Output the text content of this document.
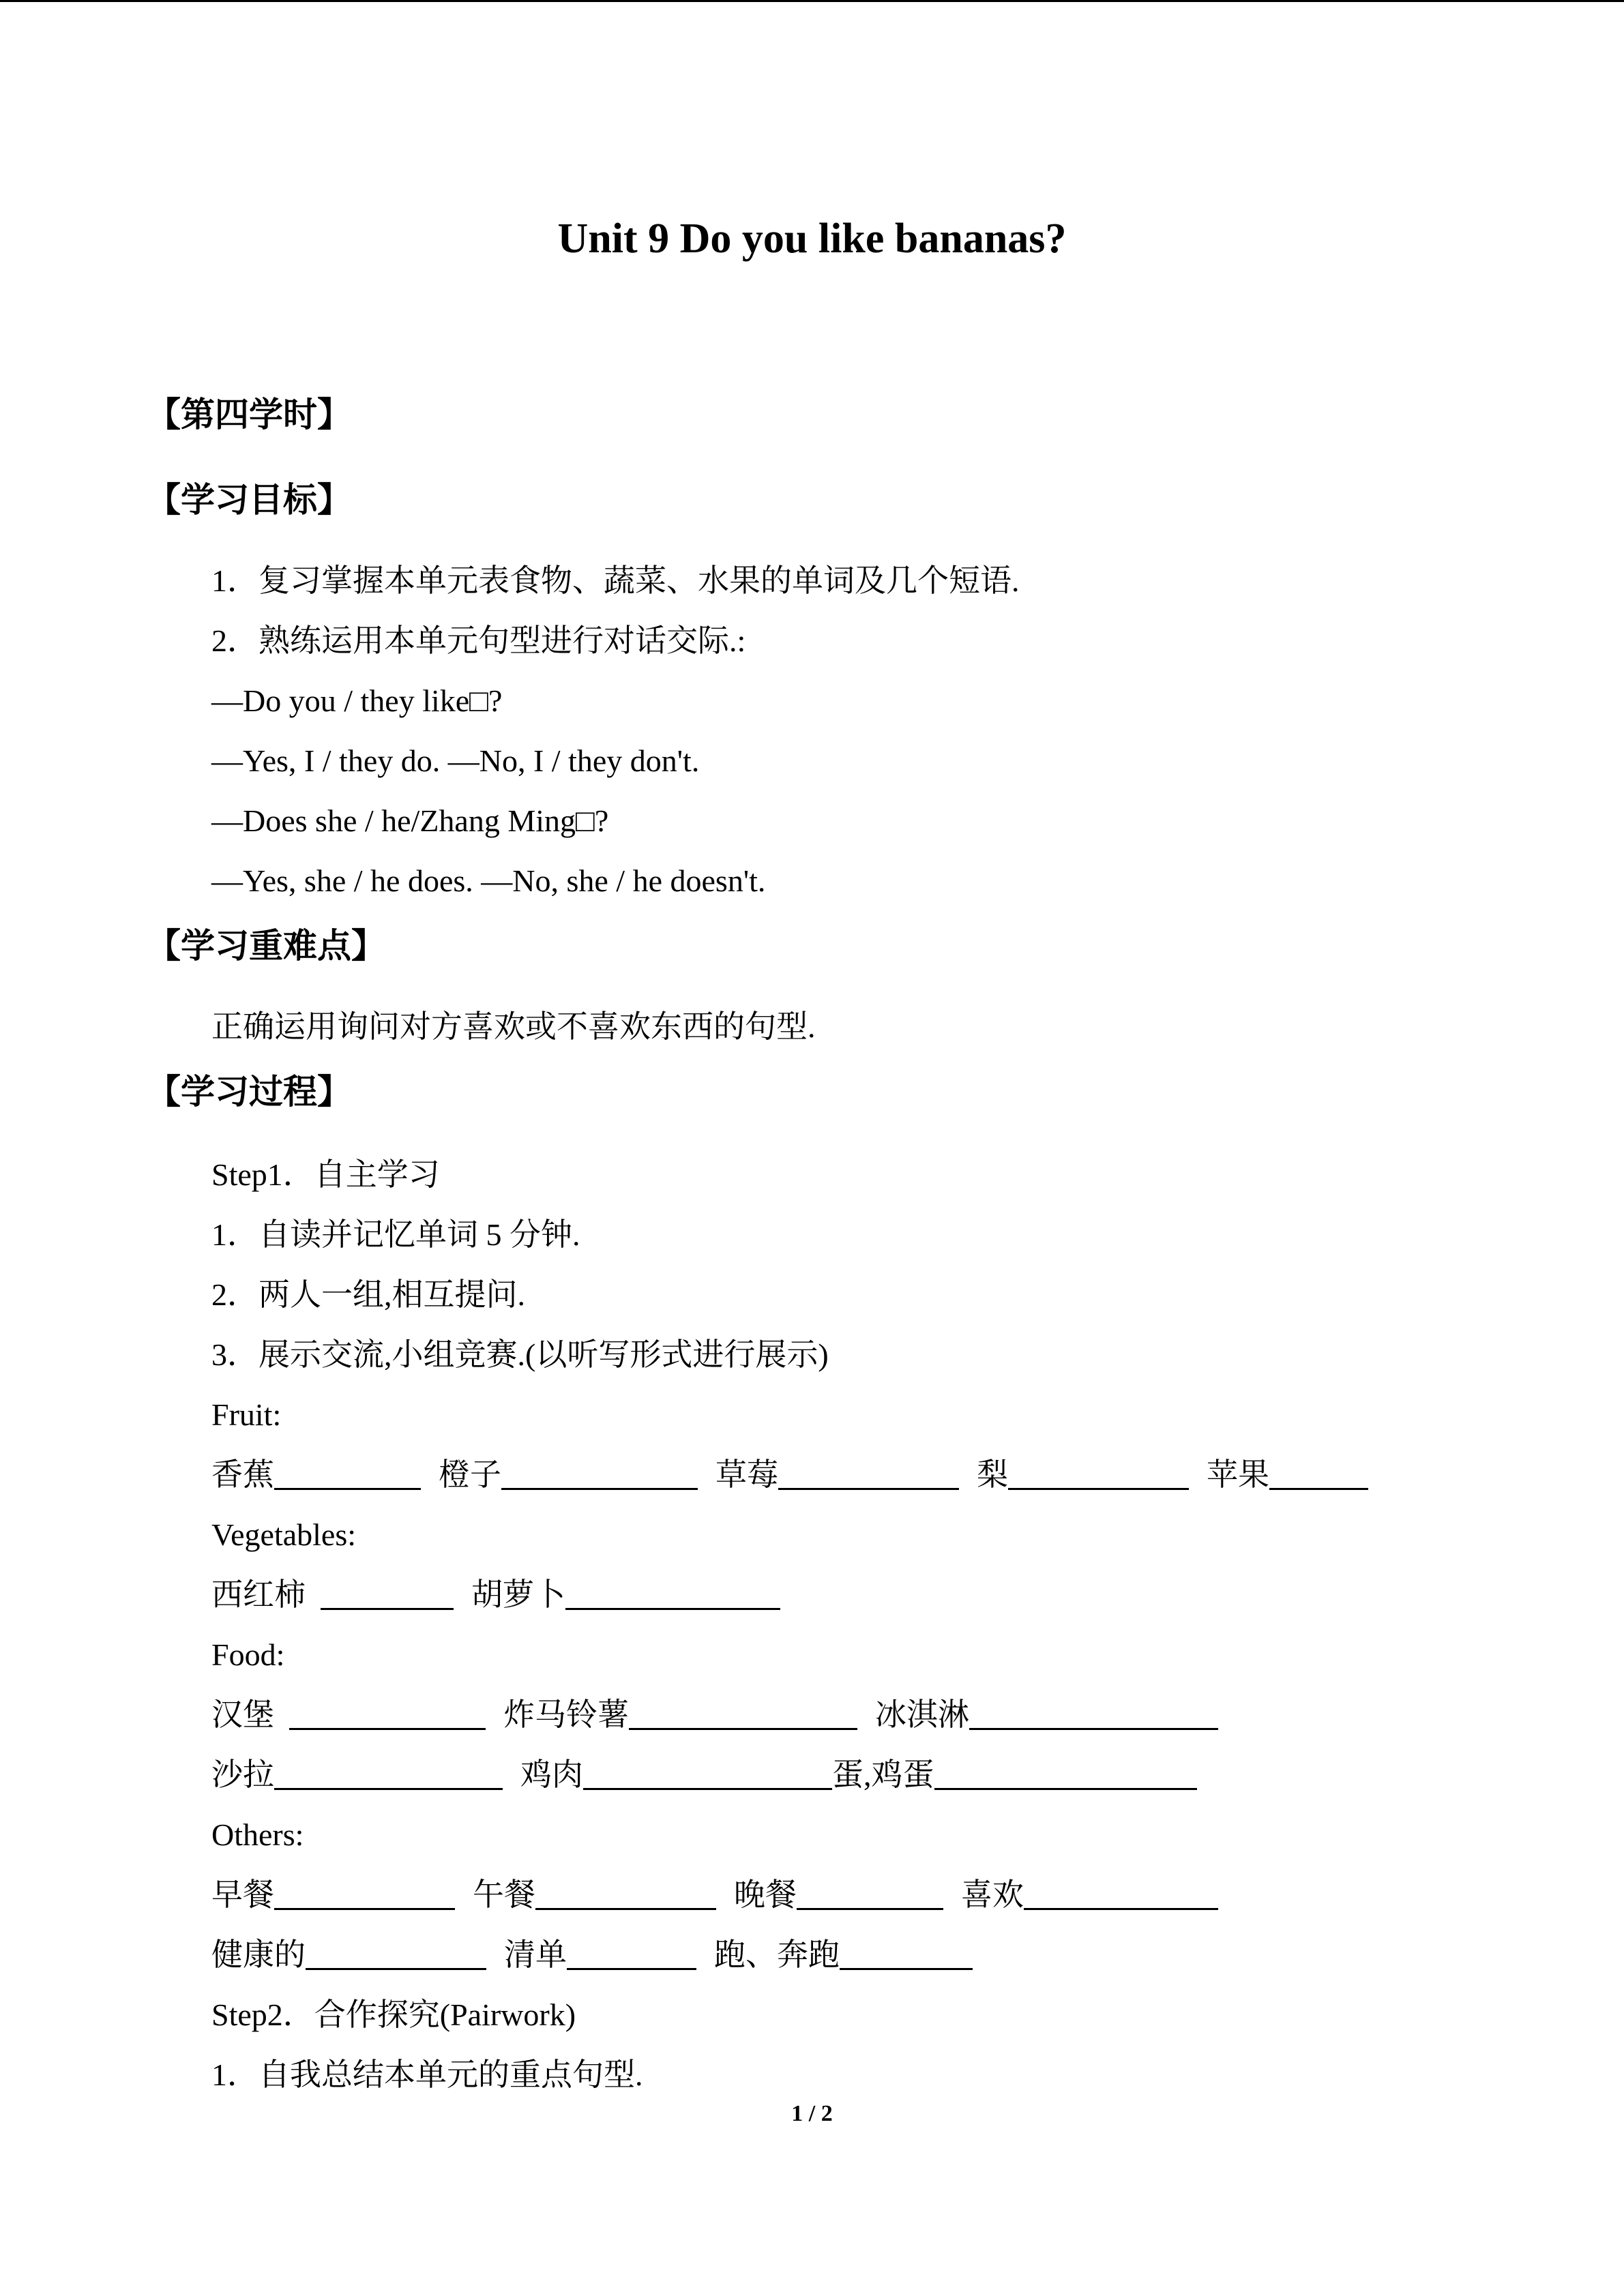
Unit 9 Do you like bananas?
【第四学时】
【学习目标】
1．复习掌握本单元表食物、蔬菜、水果的单词及几个短语.
2．熟练运用本单元句型进行对话交际.:
—Do you / they like□?
—Yes, I / they do. —No, I / they don't.
—Does she / he/Zhang Ming□?
—Yes, she / he does. —No, she / he doesn't.
【学习重难点】
正确运用询问对方喜欢或不喜欢东西的句型.
【学习过程】
Step1．自主学习
1．自读并记忆单词 5 分钟.
2．两人一组,相互提问.
3．展示交流,小组竞赛.(以听写形式进行展示)
Fruit:
香蕉	橙子	草莓	梨	苹果
Vegetables:
西红柿	胡萝卜
Food:
汉堡	炸马铃薯	冰淇淋
沙拉	鸡肉	蛋,鸡蛋
Others:
早餐	午餐	晚餐	喜欢
健康的	清单	跑、奔跑
Step2．合作探究(Pairwork)
1．自我总结本单元的重点句型.
1 / 2
